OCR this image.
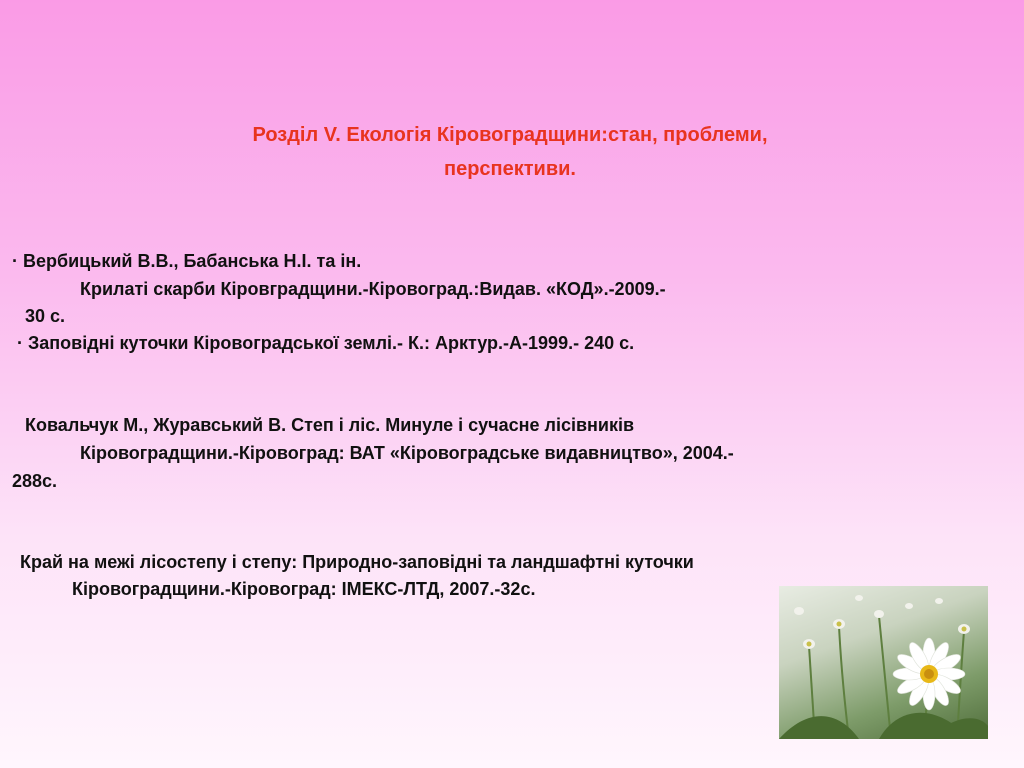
Розділ V. Екологія Кіровоградщини:стан, проблеми,
перспективи.
· Вербицький В.В., Бабанська Н.І. та ін.
Крилаті скарби Кіровградщини.-Кіровоград.:Видав. «КОД».-2009.-
30 с.
· Заповідні куточки Кіровоградської землі.- К.: Арктур.-А-1999.- 240 с.
Ковальчук М., Журавський В. Степ і ліс. Минуле і сучасне лісівників
Кіровоградщини.-Кіровоград: ВАТ «Кіровоградське видавництво», 2004.-
288с.
Край на межі лісостепу і степу: Природно-заповідні та ландшафтні куточки
Кіровоградщини.-Кіровоград: ІМЕКС-ЛТД, 2007.-32с.
